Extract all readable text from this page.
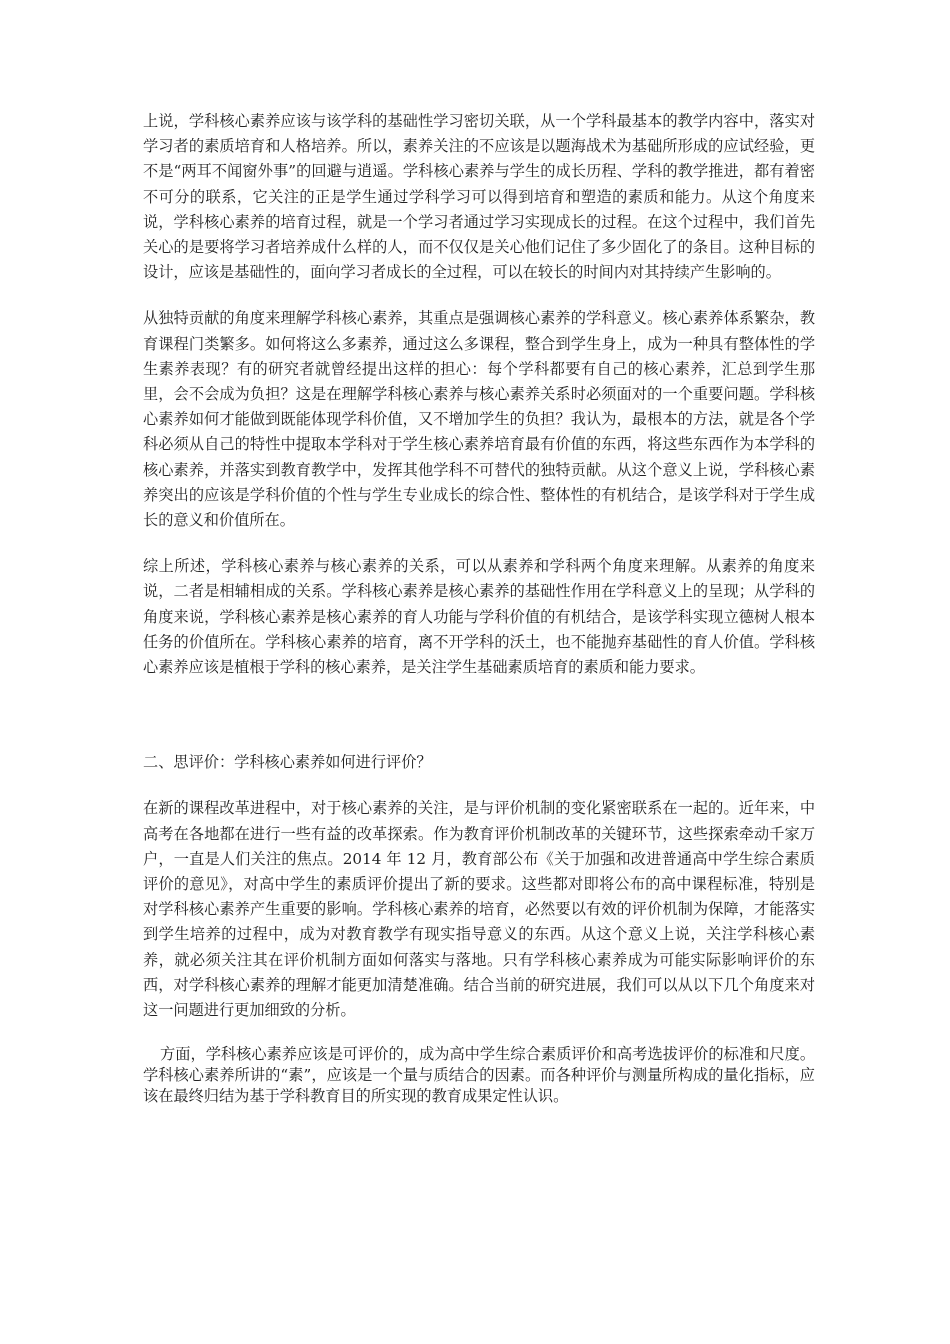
上说，学科核心素养应该与该学科的基础性学习密切关联，从一个学科最基本的教学内容中，落实对学习者的素质培育和人格培养。所以，素养关注的不应该是以题海战术为基础所形成的应试经验，更不是“两耳不闻窗外事”的回避与逍遥。学科核心素养与学生的成长历程、学科的教学推进，都有着密不可分的联系，它关注的正是学生通过学科学习可以得到培育和塑造的素质和能力。从这个角度来说，学科核心素养的培育过程，就是一个学习者通过学习实现成长的过程。在这个过程中，我们首先关心的是要将学习者培养成什么样的人，而不仅仅是关心他们记住了多少固化了的条目。这种目标的设计，应该是基础性的，面向学习者成长的全过程，可以在较长的时间内对其持续产生影响的。

从独特贡献的角度来理解学科核心素养，其重点是强调核心素养的学科意义。核心素养体系繁杂，教育课程门类繁多。如何将这么多素养，通过这么多课程，整合到学生身上，成为一种具有整体性的学生素养表现？有的研究者就曾经提出这样的担心：每个学科都要有自己的核心素养，汇总到学生那里，会不会成为负担？这是在理解学科核心素养与核心素养关系时必须面对的一个重要问题。学科核心素养如何才能做到既能体现学科价值，又不增加学生的负担？我认为，最根本的方法，就是各个学科必须从自己的特性中提取本学科对于学生核心素养培育最有价值的东西，将这些东西作为本学科的核心素养，并落实到教育教学中，发挥其他学科不可替代的独特贡献。从这个意义上说，学科核心素养突出的应该是学科价值的个性与学生专业成长的综合性、整体性的有机结合，是该学科对于学生成长的意义和价值所在。

综上所述，学科核心素养与核心素养的关系，可以从素养和学科两个角度来理解。从素养的角度来说，二者是相辅相成的关系。学科核心素养是核心素养的基础性作用在学科意义上的呈现；从学科的角度来说，学科核心素养是核心素养的育人功能与学科价值的有机结合，是该学科实现立德树人根本任务的价值所在。学科核心素养的培育，离不开学科的沃土，也不能抛弃基础性的育人价值。学科核心素养应该是植根于学科的核心素养，是关注学生基础素质培育的素质和能力要求。

二、思评价：学科核心素养如何进行评价？

在新的课程改革进程中，对于核心素养的关注，是与评价机制的变化紧密联系在一起的。近年来，中高考在各地都在进行一些有益的改革探索。作为教育评价机制改革的关键环节，这些探索牵动千家万户，一直是人们关注的焦点。2014 年 12 月，教育部公布《关于加强和改进普通高中学生综合素质评价的意见》，对高中学生的素质评价提出了新的要求。这些都对即将公布的高中课程标准，特别是对学科核心素养产生重要的影响。学科核心素养的培育，必然要以有效的评价机制为保障，才能落实到学生培养的过程中，成为对教育教学有现实指导意义的东西。从这个意义上说，关注学科核心素养，就必须关注其在评价机制方面如何落实与落地。只有学科核心素养成为可能实际影响评价的东西，对学科核心素养的理解才能更加清楚准确。结合当前的研究进展，我们可以从以下几个角度来对这一问题进行更加细致的分析。

方面，学科核心素养应该是可评价的，成为高中学生综合素质评价和高考选拔评价的标准和尺度。学科核心素养所讲的“素”，应该是一个量与质结合的因素。而各种评价与测量所构成的量化指标，应该在最终归结为基于学科教育目的所实现的教育成果定性认识。
